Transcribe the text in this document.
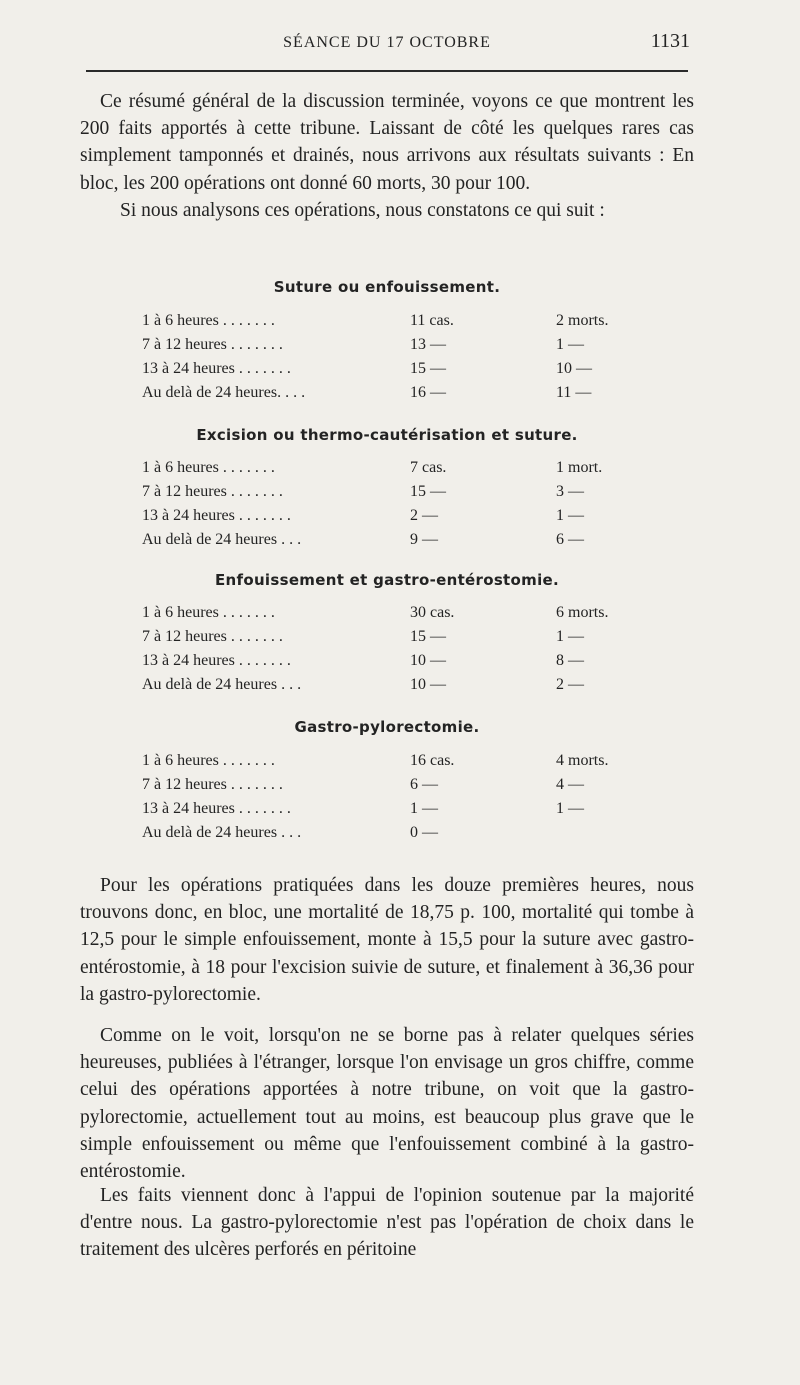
SÉANCE DU 17 OCTOBRE	1131

Ce résumé général de la discussion terminée, voyons ce que montrent les 200 faits apportés à cette tribune. Laissant de côté les quelques rares cas simplement tamponnés et drainés, nous arrivons aux résultats suivants : En bloc, les 200 opérations ont donné 60 morts, 30 pour 100.
Si nous analysons ces opérations, nous constatons ce qui suit :

Suture ou enfouissement.
1 à 6 heures . . . . . . .	11 cas.	2 morts.
7 à 12 heures . . . . . . .	13 —	1 —
13 à 24 heures . . . . . . .	15 —	10 —
Au delà de 24 heures. . . .	16 —	11 —
Excision ou thermo-cautérisation et suture.
1 à 6 heures . . . . . . .	7 cas.	1 mort.
7 à 12 heures . . . . . . .	15 —	3 —
13 à 24 heures . . . . . . .	2 —	1 —
Au delà de 24 heures . . .	9 —	6 —
Enfouissement et gastro-entérostomie.
1 à 6 heures . . . . . . .	30 cas.	6 morts.
7 à 12 heures . . . . . . .	15 —	1 —
13 à 24 heures . . . . . . .	10 —	8 —
Au delà de 24 heures . . .	10 —	2 —
Gastro-pylorectomie.
1 à 6 heures . . . . . . .	16 cas.	4 morts.
7 à 12 heures . . . . . . .	6 —	4 —
13 à 24 heures . . . . . . .	1 —	1 —
Au delà de 24 heures . . .	0 —

Pour les opérations pratiquées dans les douze premières heures, nous trouvons donc, en bloc, une mortalité de 18,75 p. 100, mortalité qui tombe à 12,5 pour le simple enfouissement, monte à 15,5 pour la suture avec gastro-entérostomie, à 18 pour l'excision suivie de suture, et finalement à 36,36 pour la gastro-pylorectomie.

Comme on le voit, lorsqu'on ne se borne pas à relater quelques séries heureuses, publiées à l'étranger, lorsque l'on envisage un gros chiffre, comme celui des opérations apportées à notre tribune, on voit que la gastro-pylorectomie, actuellement tout au moins, est beaucoup plus grave que le simple enfouissement ou même que l'enfouissement combiné à la gastro-entérostomie.

Les faits viennent donc à l'appui de l'opinion soutenue par la majorité d'entre nous. La gastro-pylorectomie n'est pas l'opération de choix dans le traitement des ulcères perforés en péritoine
